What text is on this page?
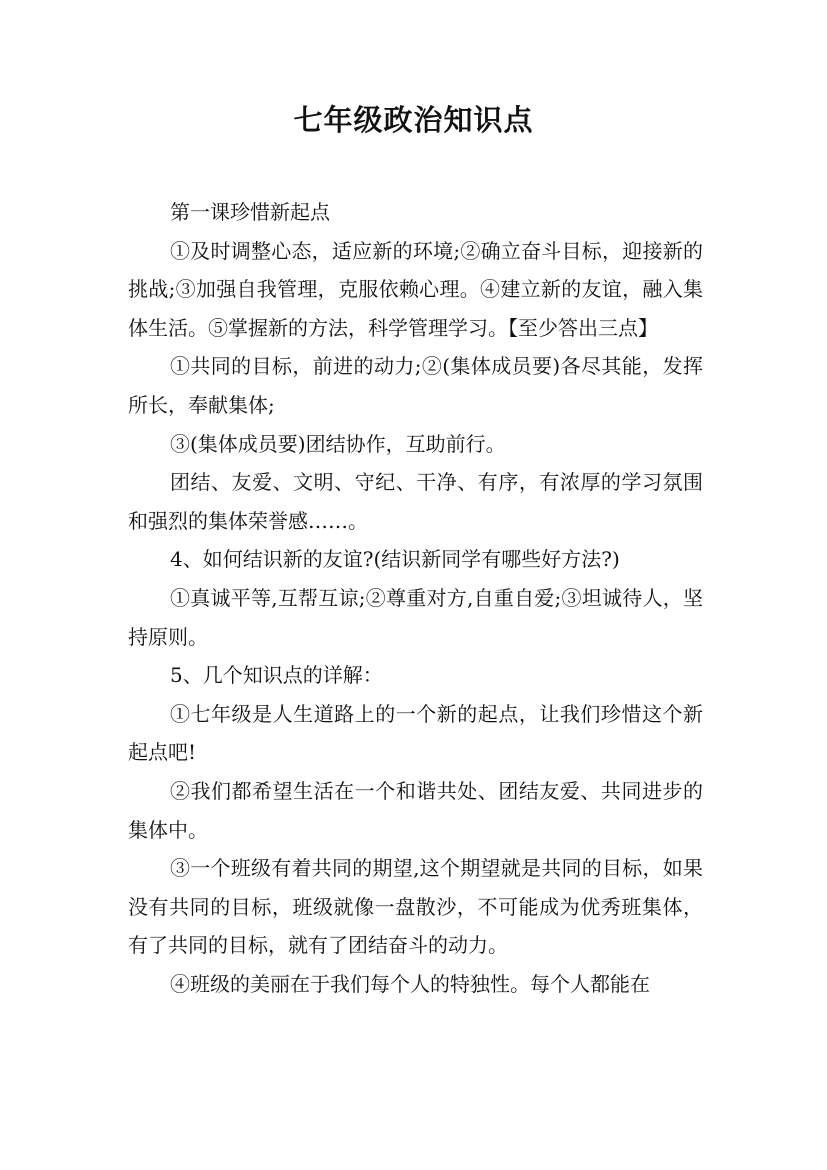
七年级政治知识点

第一课珍惜新起点

①及时调整心态，适应新的环境;②确立奋斗目标，迎接新的挑战;③加强自我管理，克服依赖心理。④建立新的友谊，融入集体生活。⑤掌握新的方法，科学管理学习。【至少答出三点】

①共同的目标，前进的动力;②(集体成员要)各尽其能，发挥所长，奉献集体;

③(集体成员要)团结协作，互助前行。

团结、友爱、文明、守纪、干净、有序，有浓厚的学习氛围和强烈的集体荣誉感……。

4、如何结识新的友谊?(结识新同学有哪些好方法?)

①真诚平等,互帮互谅;②尊重对方,自重自爱;③坦诚待人，坚持原则。

5、几个知识点的详解：

①七年级是人生道路上的一个新的起点，让我们珍惜这个新起点吧!

②我们都希望生活在一个和谐共处、团结友爱、共同进步的集体中。

③一个班级有着共同的期望,这个期望就是共同的目标，如果没有共同的目标，班级就像一盘散沙，不可能成为优秀班集体，有了共同的目标，就有了团结奋斗的动力。

④班级的美丽在于我们每个人的特独性。每个人都能在
